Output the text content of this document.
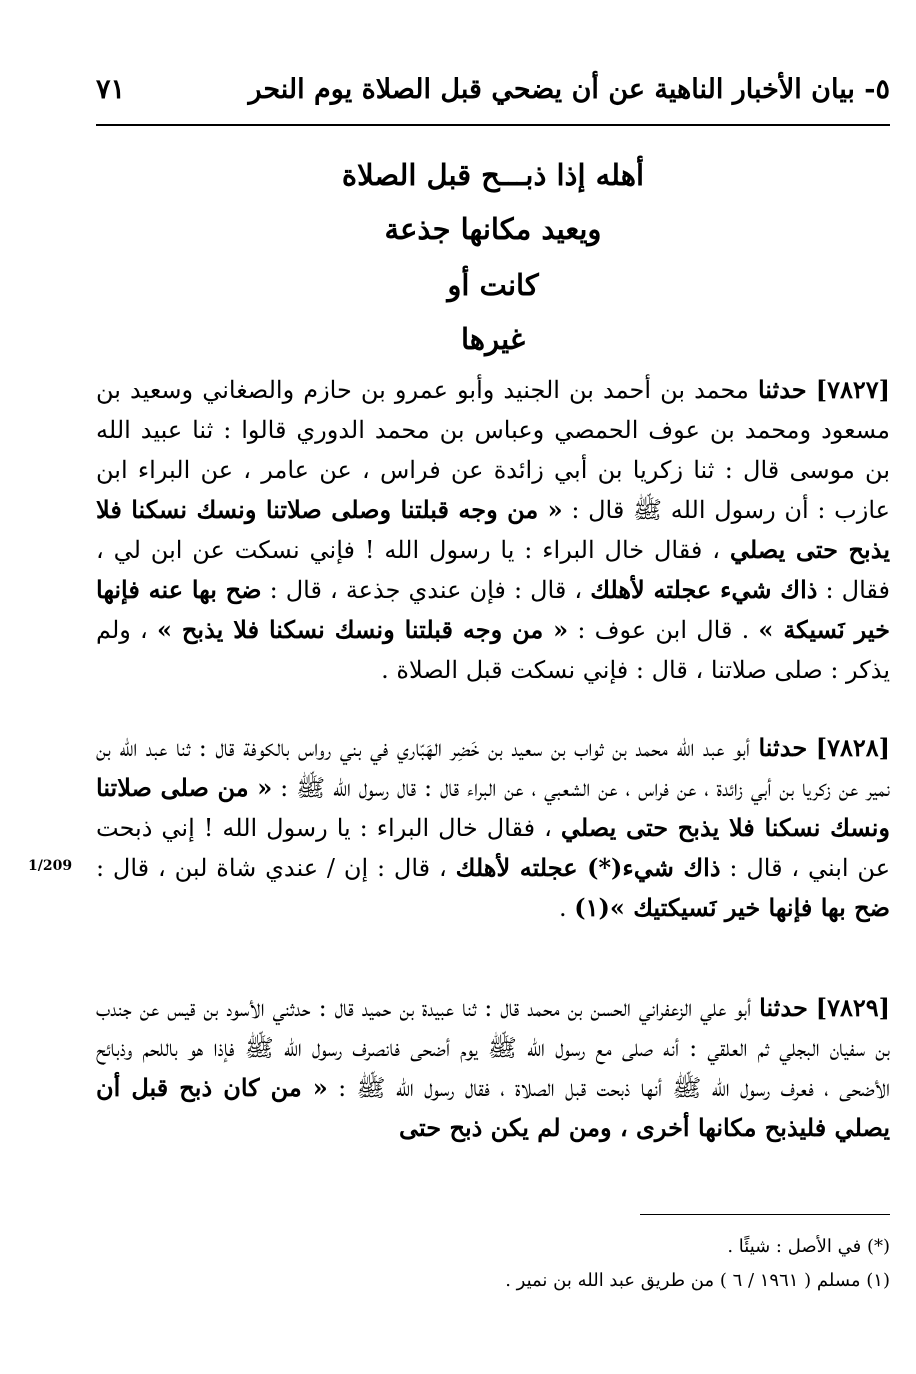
٥- بيان الأخبار الناهية عن أن يضحي قبل الصلاة يوم النحر
٧١
أهله إذا ذبـــح قبل الصلاة
ويعيد مكانها جذعة
كانت أو
غيرها

[٧٨٢٧] حدثنا محمد بن أحمد بن الجنيد وأبو عمرو بن حازم والصغاني وسعيد بن مسعود ومحمد بن عوف الحمصي وعباس بن محمد الدوري قالوا : ثنا عبيد الله بن موسى قال : ثنا زكريا بن أبي زائدة عن فراس ، عن عامر ، عن البراء ابن عازب : أن رسول الله ﷺ قال : « من وجه قبلتنا وصلى صلاتنا ونسك نسكنا فلا يذبح حتى يصلي ، فقال خال البراء : يا رسول الله ! فإني نسكت عن ابن لي ، فقال : ذاك شيء عجلته لأهلك ، قال : فإن عندي جذعة ، قال : ضح بها عنه فإنها خير نَسيكة » . قال ابن عوف : « من وجه قبلتنا ونسك نسكنا فلا يذبح » ، ولم يذكر : صلى صلاتنا ، قال : فإني نسكت قبل الصلاة .

[٧٨٢٨] حدثنا أبو عبد الله محمد بن ثواب بن سعيد بن خَضِر الهَبّاري في بني رواس بالكوفة قال : ثنا عبد الله بن نمير عن زكريا بن أبي زائدة ، عن فراس ، عن الشعبي ، عن البراء قال : قال رسول الله ﷺ : « من صلى صلاتنا ونسك نسكنا فلا يذبح حتى يصلي ، فقال خال البراء : يا رسول الله ! إني ذبحت عن ابني ، قال : ذاك شيء(*) عجلته لأهلك ، قال : إن / عندي شاة لبن ، قال : ضح بها فإنها خير نَسيكتيك »(١) .

1/209

[٧٨٢٩] حدثنا أبو علي الزعفراني الحسن بن محمد قال : ثنا عبيدة بن حميد قال : حدثني الأسود بن قيس عن جندب بن سفيان البجلي ثم العلقي : أنه صلى مع رسول الله ﷺ يوم أضحى فانصرف رسول الله ﷺ فإذا هو باللحم وذبائح الأضحى ، فعرف رسول الله ﷺ أنها ذبحت قبل الصلاة ، فقال رسول الله ﷺ : « من كان ذبح قبل أن يصلي فليذبح مكانها أخرى ، ومن لم يكن ذبح حتى

(*) في الأصل : شيئًا .
(١) مسلم ( ١٩٦١ / ٦ ) من طريق عبد الله بن نمير .
